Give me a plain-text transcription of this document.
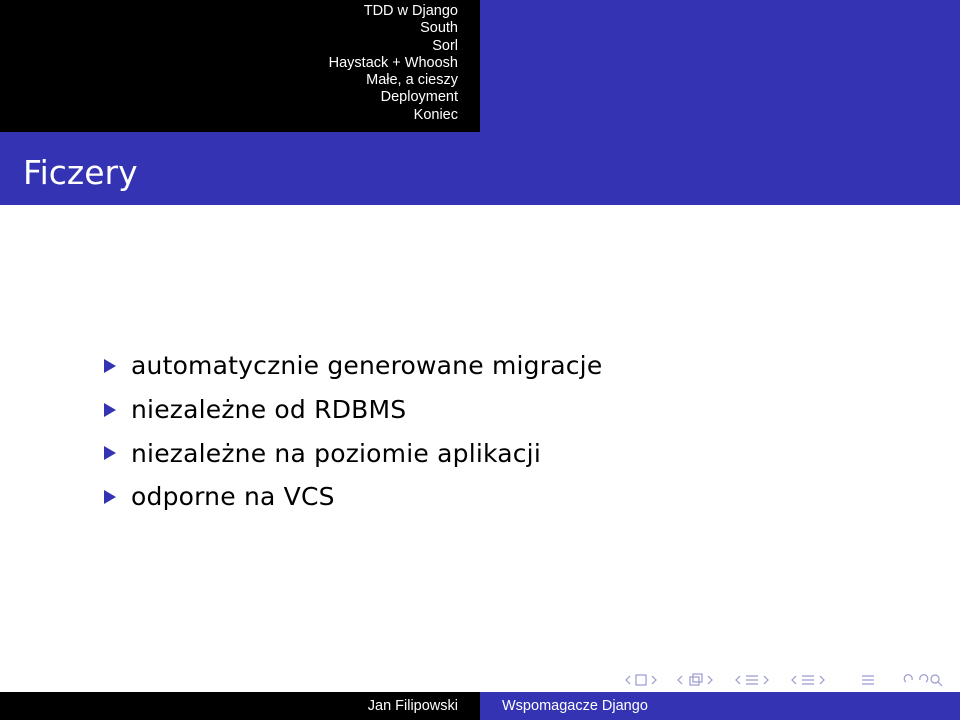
TDD w Django
South
Sorl
Haystack + Whoosh
Małe, a cieszy
Deployment
Koniec
Ficzery
automatycznie generowane migracje
niezależne od RDBMS
niezależne na poziomie aplikacji
odporne na VCS
Jan Filipowski	Wspomagacze Django
